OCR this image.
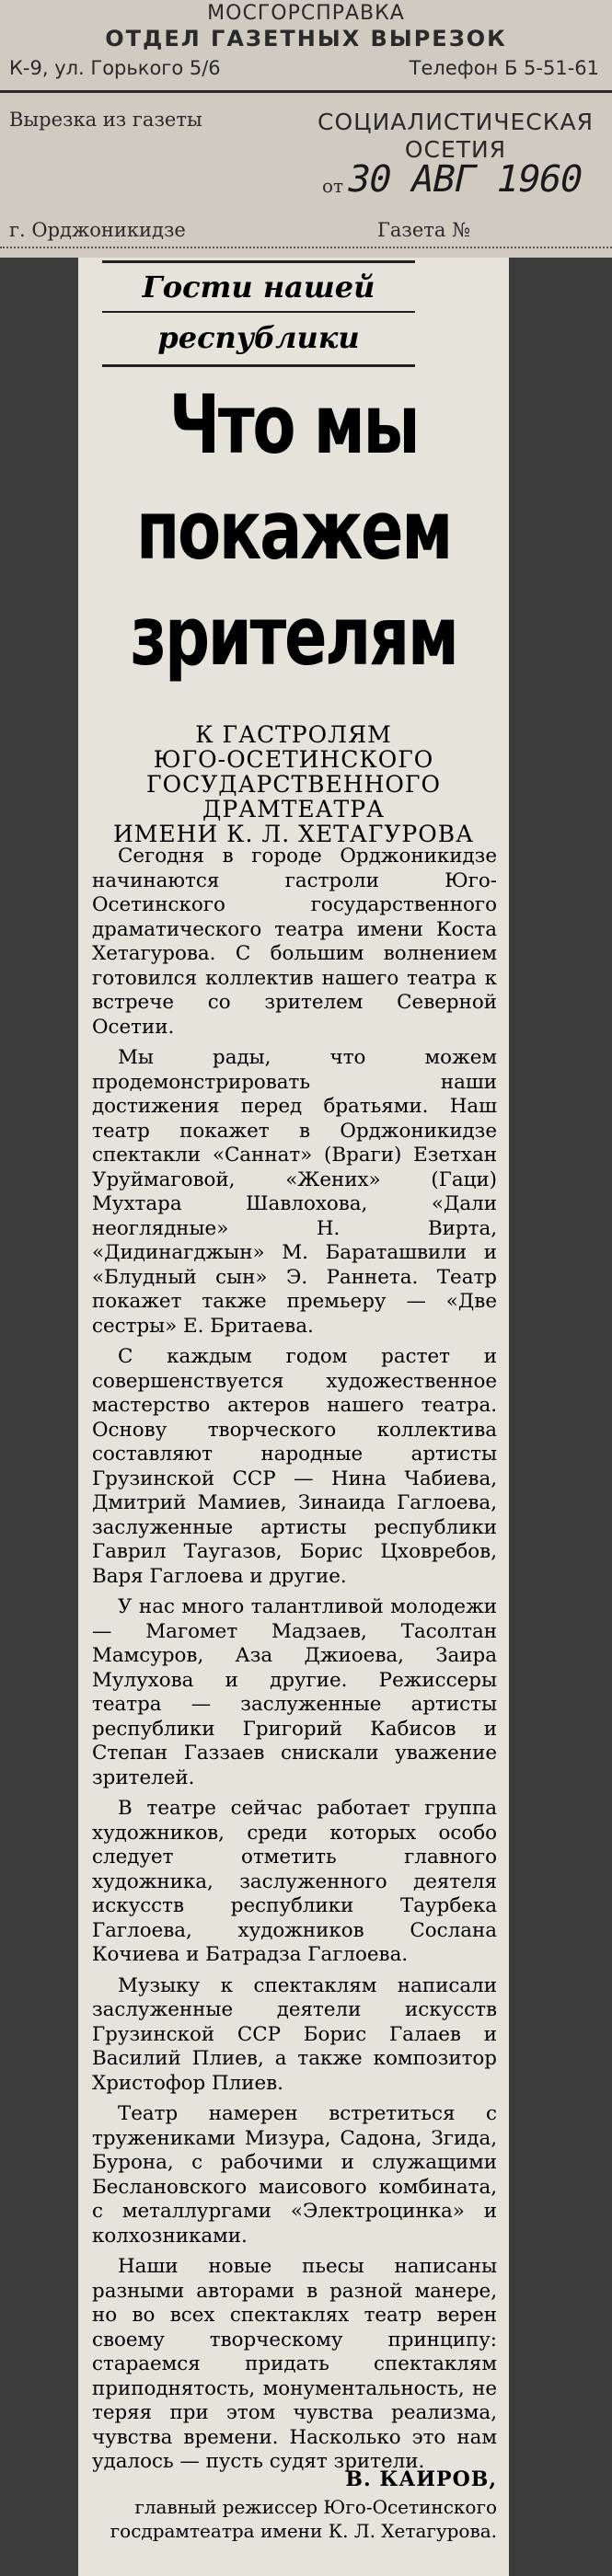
МОСГОРСПРАВКА
ОТДЕЛ ГАЗЕТНЫХ ВЫРЕЗОК
К-9, ул. Горького 5/6	Телефон Б 5-51-61
Вырезка из газеты	СОЦИАЛИСТИЧЕСКАЯ
ОСЕТИЯ
от 30 АВГ 1960
г. Орджоникидзе	Газета №
Гости нашей
республики
Что мы
покажем
зрителям
К ГАСТРОЛЯМ
ЮГО-ОСЕТИНСКОГО
ГОСУДАРСТВЕННОГО
ДРАМТЕАТРА
ИМЕНИ К. Л. ХЕТАГУРОВА

Сегодня в городе Орджоникидзе начинаются гастроли Юго-Осетинского государственного драматического театра имени Коста Хетагурова. С большим волнением готовился коллектив нашего театра к встрече со зрителем Северной Осетии.

Мы рады, что можем продемонстрировать наши достижения перед братьями. Наш театр покажет в Орджоникидзе спектакли «Саннат» (Враги) Езетхан Уруймаговой, «Жених» (Гаци) Мухтара Шавлохова, «Дали неоглядные» Н. Вирта, «Дидинагджын» М. Бараташвили и «Блудный сын» Э. Раннета. Театр покажет также премьеру — «Две сестры» Е. Бритаева.

С каждым годом растет и совершенствуется художественное мастерство актеров нашего театра. Основу творческого коллектива составляют народные артисты Грузинской ССР — Нина Чабиева, Дмитрий Мамиев, Зинаида Гаглоева, заслуженные артисты республики Гаврил Таугазов, Борис Цховребов, Варя Гаглоева и другие.

У нас много талантливой молодежи — Магомет Мадзаев, Тасолтан Мамсуров, Аза Джиоева, Заира Мулухова и другие. Режиссеры театра — заслуженные артисты республики Григорий Кабисов и Степан Газзаев снискали уважение зрителей.

В театре сейчас работает группа художников, среди которых особо следует отметить главного художника, заслуженного деятеля искусств республики Таурбека Гаглоева, художников Сослана Кочиева и Батрадза Гаглоева.

Музыку к спектаклям написали заслуженные деятели искусств Грузинской ССР Борис Галаев и Василий Плиев, а также композитор Христофор Плиев.

Театр намерен встретиться с тружениками Мизура, Садона, Згида, Бурона, с рабочими и служащими Беслановского маисового комбината, с металлургами «Электроцинка» и колхозниками.

Наши новые пьесы написаны разными авторами в разной манере, но во всех спектаклях театр верен своему творческому принципу: стараемся придать спектаклям приподнятость, монументальность, не теряя при этом чувства реализма, чувства времени. Насколько это нам удалось — пусть судят зрители.

В. КАИРОВ,
главный режиссер Юго-Осетинского госдрамтеатра имени К. Л. Хетагурова.
